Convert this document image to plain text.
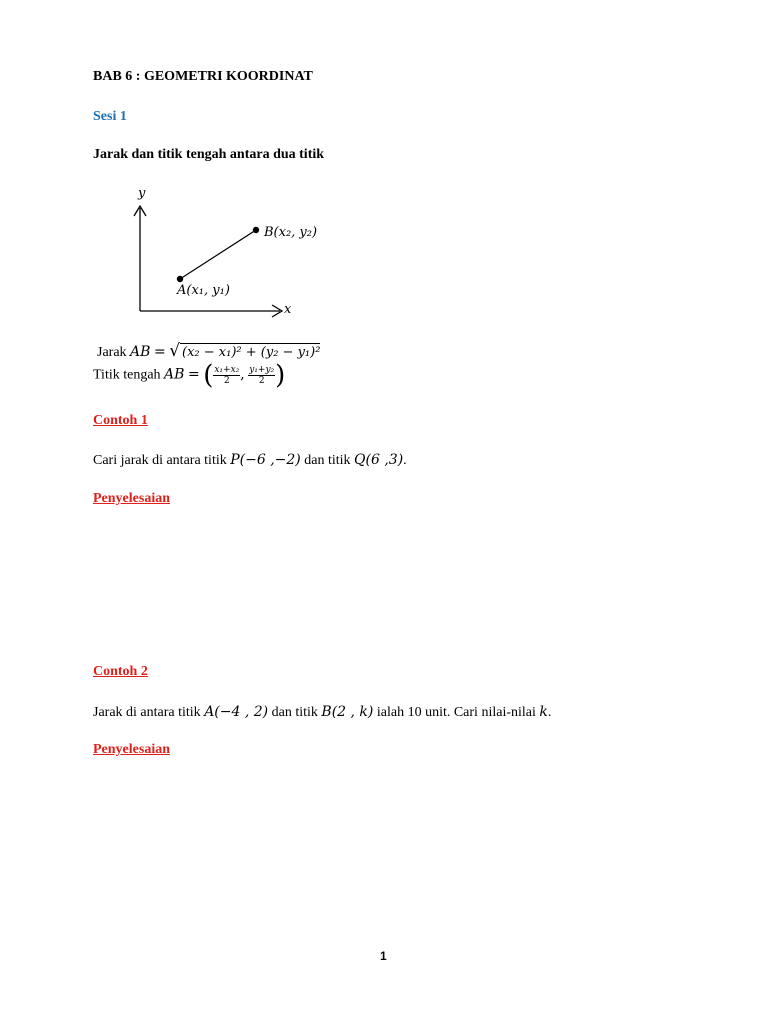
BAB 6 : GEOMETRI KOORDINAT
Sesi 1
Jarak dan titik tengah antara dua titik
y
x
B(x₂, y₂)
A(x₁, y₁)
Jarak AB = √ (x₂ − x₁)² + (y₂ − y₁)²
Titik tengah AB = ( $\frac{\text{x₁+x₂}}{2}$ , $\frac{\text{y₁+y₂}}{2}$ )
Contoh 1
Cari jarak di antara titik P(−6 ,−2) dan titik Q(6 ,3).
Penyelesaian
Contoh 2
Jarak di antara titik A(−4 , 2) dan titik B(2 , k) ialah 10 unit. Cari nilai-nilai k.
Penyelesaian
1
